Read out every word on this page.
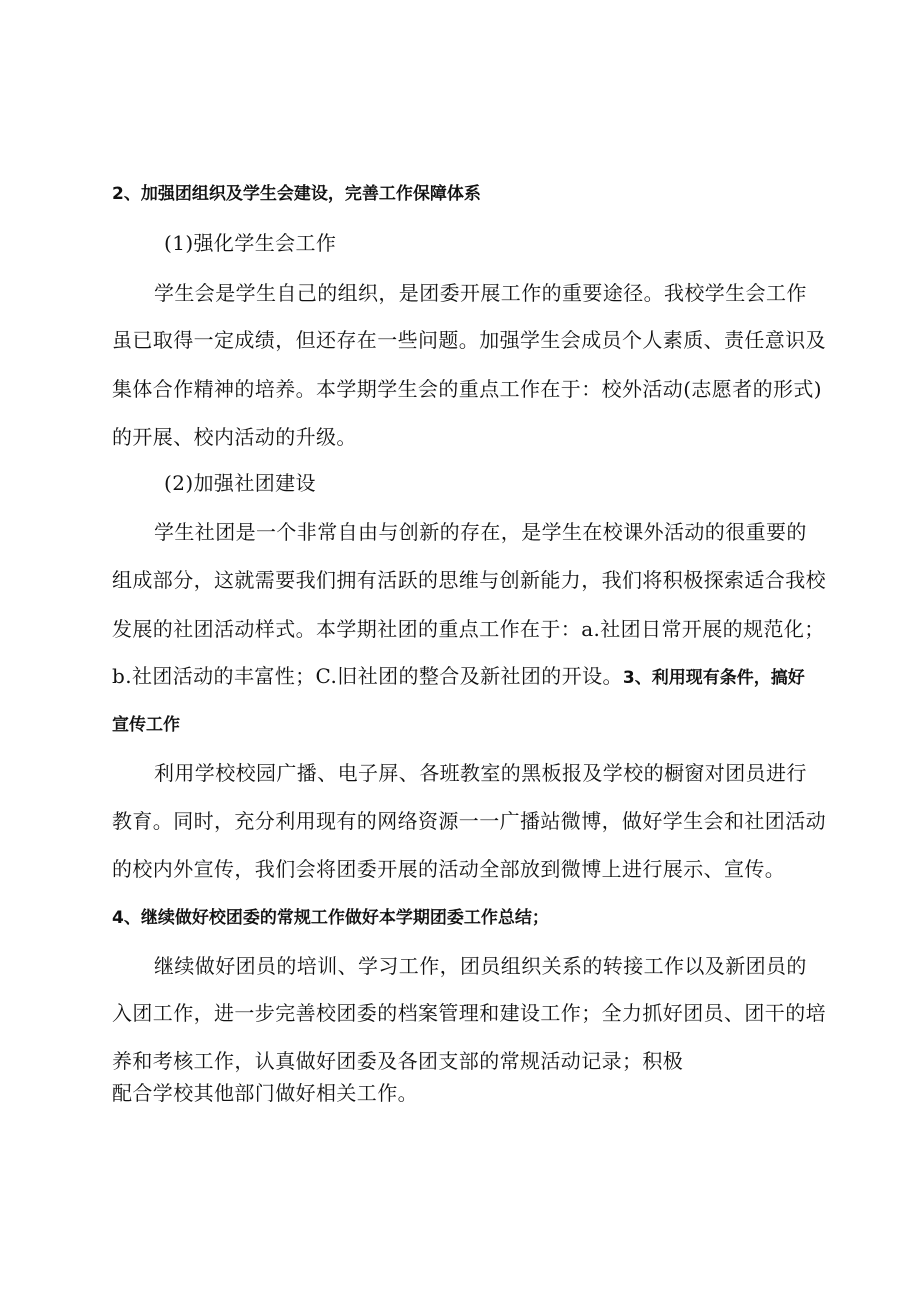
2、加强团组织及学生会建设，完善工作保障体系
(1)强化学生会工作
学生会是学生自己的组织，是团委开展工作的重要途径。我校学生会工作
虽已取得一定成绩，但还存在一些问题。加强学生会成员个人素质、责任意识及
集体合作精神的培养。本学期学生会的重点工作在于：校外活动(志愿者的形式)
的开展、校内活动的升级。
(2)加强社团建设
学生社团是一个非常自由与创新的存在，是学生在校课外活动的很重要的
组成部分，这就需要我们拥有活跃的思维与创新能力，我们将积极探索适合我校
发展的社团活动样式。本学期社团的重点工作在于：a.社团日常开展的规范化；
b.社团活动的丰富性；C.旧社团的整合及新社团的开设。3、利用现有条件，搞好
宣传工作
利用学校校园广播、电子屏、各班教室的黑板报及学校的橱窗对团员进行
教育。同时，充分利用现有的网络资源一一广播站微博，做好学生会和社团活动
的校内外宣传，我们会将团委开展的活动全部放到微博上进行展示、宣传。
4、继续做好校团委的常规工作做好本学期团委工作总结；
继续做好团员的培训、学习工作，团员组织关系的转接工作以及新团员的
入团工作，进一步完善校团委的档案管理和建设工作；全力抓好团员、团干的培
养和考核工作，认真做好团委及各团支部的常规活动记录；积极
配合学校其他部门做好相关工作。
